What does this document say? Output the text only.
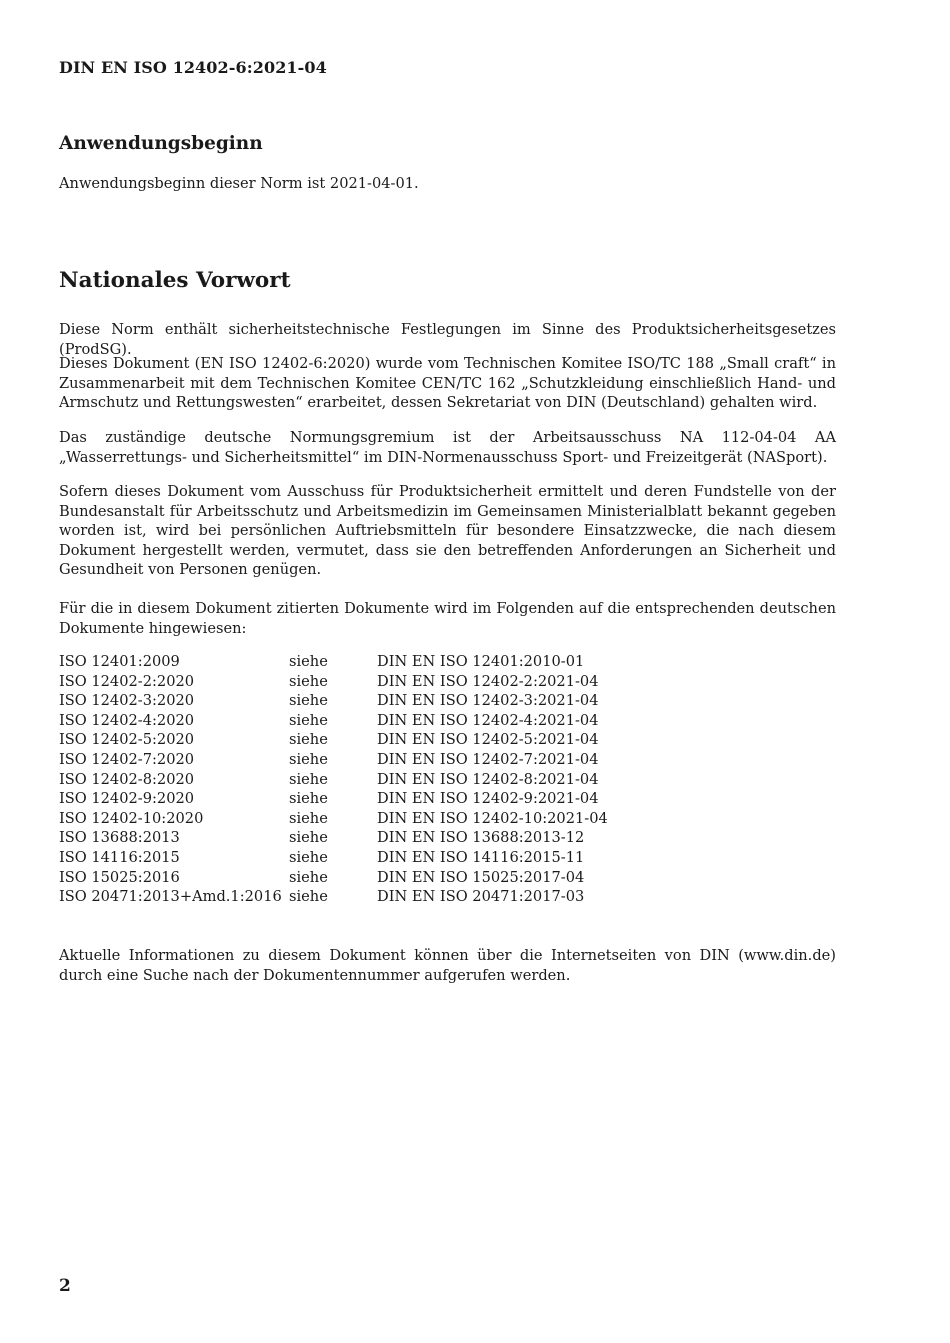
DIN EN ISO 12402-6:2021-04
Anwendungsbeginn
Anwendungsbeginn dieser Norm ist 2021-04-01.
Nationales Vorwort

Diese Norm enthält sicherheitstechnische Festlegungen im Sinne des Produktsicherheitsgesetzes (ProdSG).

Dieses Dokument (EN ISO 12402-6:2020) wurde vom Technischen Komitee ISO/TC 188 „Small craft“ in Zusammenarbeit mit dem Technischen Komitee CEN/TC 162 „Schutzkleidung einschließlich Hand- und Armschutz und Rettungswesten“ erarbeitet, dessen Sekretariat von DIN (Deutschland) gehalten wird.

Das zuständige deutsche Normungsgremium ist der Arbeitsausschuss NA 112-04-04 AA „Wasserrettungs- und Sicherheitsmittel“ im DIN-Normenausschuss Sport- und Freizeitgerät (NASport).

Sofern dieses Dokument vom Ausschuss für Produktsicherheit ermittelt und deren Fundstelle von der Bundesanstalt für Arbeitsschutz und Arbeitsmedizin im Gemeinsamen Ministerialblatt bekannt gegeben worden ist, wird bei persönlichen Auftriebsmitteln für besondere Einsatzzwecke, die nach diesem Dokument hergestellt werden, vermutet, dass sie den betreffenden Anforderungen an Sicherheit und Gesundheit von Personen genügen.

Für die in diesem Dokument zitierten Dokumente wird im Folgenden auf die entsprechenden deutschen Dokumente hingewiesen:

ISO 12401:2009	siehe	DIN EN ISO 12401:2010-01
ISO 12402-2:2020	siehe	DIN EN ISO 12402-2:2021-04
ISO 12402-3:2020	siehe	DIN EN ISO 12402-3:2021-04
ISO 12402-4:2020	siehe	DIN EN ISO 12402-4:2021-04
ISO 12402-5:2020	siehe	DIN EN ISO 12402-5:2021-04
ISO 12402-7:2020	siehe	DIN EN ISO 12402-7:2021-04
ISO 12402-8:2020	siehe	DIN EN ISO 12402-8:2021-04
ISO 12402-9:2020	siehe	DIN EN ISO 12402-9:2021-04
ISO 12402-10:2020	siehe	DIN EN ISO 12402-10:2021-04
ISO 13688:2013	siehe	DIN EN ISO 13688:2013-12
ISO 14116:2015	siehe	DIN EN ISO 14116:2015-11
ISO 15025:2016	siehe	DIN EN ISO 15025:2017-04
ISO 20471:2013+Amd.1:2016	siehe	DIN EN ISO 20471:2017-03

Aktuelle Informationen zu diesem Dokument können über die Internetseiten von DIN (www.din.de) durch eine Suche nach der Dokumentennummer aufgerufen werden.

2
